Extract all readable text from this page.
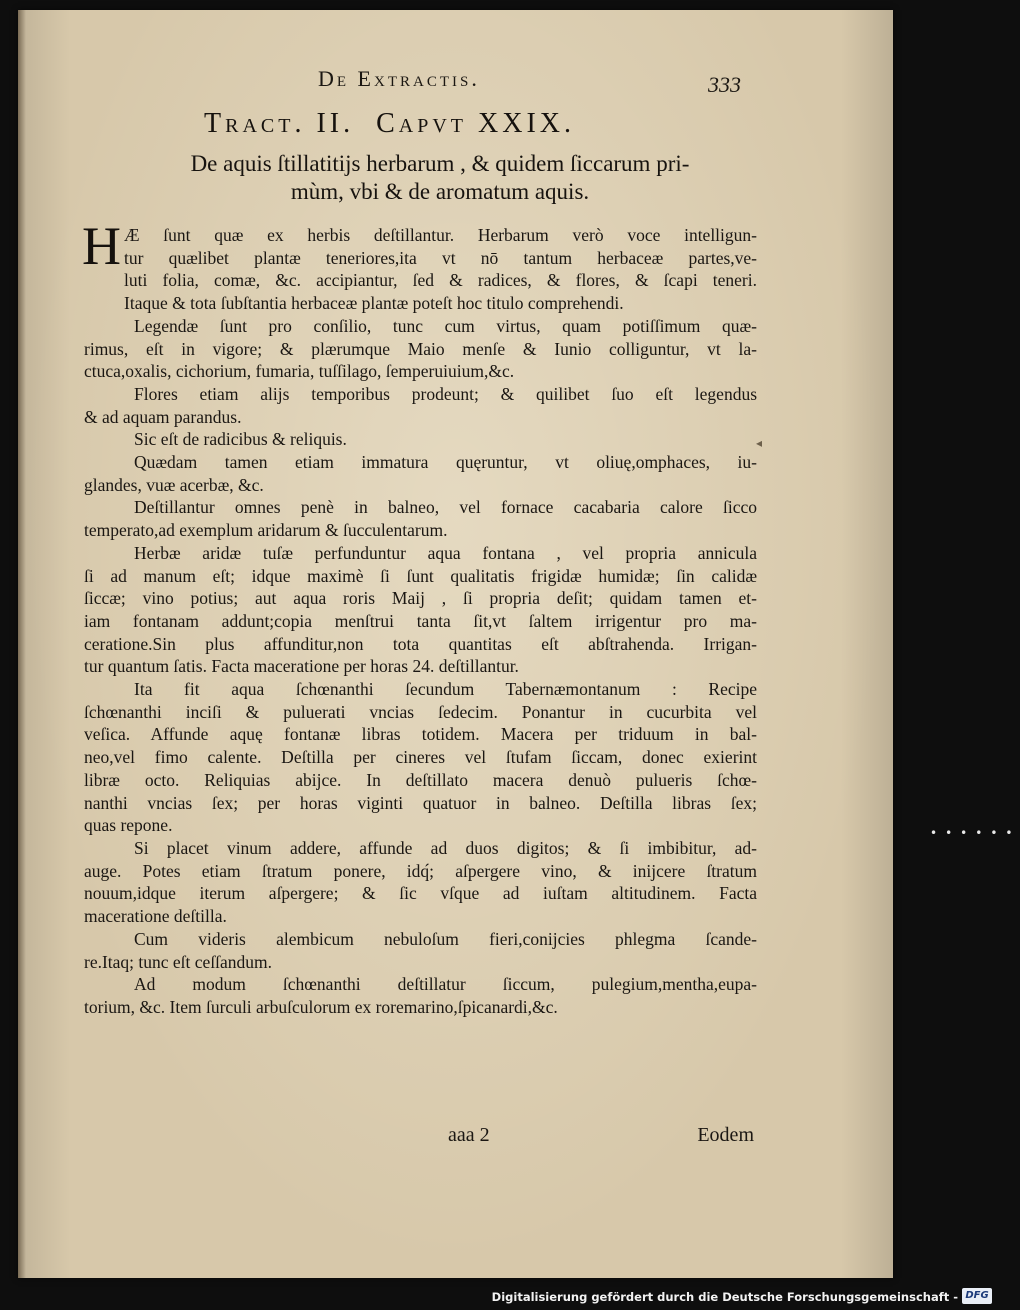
De Extractis.	333
Tract. II. Capvt XXIX.
De aquis ſtillatitijs herbarum , & quidem ſiccarum pri-
mùm, vbi & de aromatum aquis.
H Æ ſunt quæ ex herbis deſtillantur. Herbarum verò voce intelligun-
tur quælibet plantæ teneriores,ita vt nō tantum herbaceæ partes,ve-
luti folia, comæ, &c. accipiantur, ſed & radices, & flores, & ſcapi teneri.
Itaque & tota ſubſtantia herbaceæ plantæ poteſt hoc titulo comprehendi.
Legendæ ſunt pro conſilio, tunc cum virtus, quam potiſſimum quæ-
rimus, eſt in vigore; & plærumque Maio menſe & Iunio colliguntur, vt la-
ctuca,oxalis, cichorium, fumaria, tuſſilago, ſemperuiuium,&c.
Flores etiam alijs temporibus prodeunt; & quilibet ſuo eſt legendus
& ad aquam parandus.
Sic eſt de radicibus & reliquis.
Quædam tamen etiam immatura quęruntur, vt oliuę,omphaces, iu-
glandes, vuæ acerbæ, &c.
Deſtillantur omnes penè in balneo, vel fornace cacabaria calore ſicco
temperato,ad exemplum aridarum & ſucculentarum.
Herbæ aridæ tuſæ perfunduntur aqua fontana , vel propria annicula
ſi ad manum eſt; idque maximè ſi ſunt qualitatis frigidæ humidæ; ſin calidæ
ſiccæ; vino potius; aut aqua roris Maij , ſi propria deſit; quidam tamen et-
iam fontanam addunt;copia menſtrui tanta ſit,vt ſaltem irrigentur pro ma-
ceratione.Sin plus affunditur,non tota quantitas eſt abſtrahenda. Irrigan-
tur quantum ſatis. Facta maceratione per horas 24. deſtillantur.
Ita fit aqua ſchœnanthi ſecundum Tabernæmontanum : Recipe
ſchœnanthi inciſi & puluerati vncias ſedecim. Ponantur in cucurbita vel
veſica. Affunde aquę fontanæ libras totidem. Macera per triduum in bal-
neo,vel fimo calente. Deſtilla per cineres vel ſtufam ſiccam, donec exierint
libræ octo. Reliquias abijce. In deſtillato macera denuò pulueris ſchœ-
nanthi vncias ſex; per horas viginti quatuor in balneo. Deſtilla libras ſex;
quas repone.
Si placet vinum addere, affunde ad duos digitos; & ſi imbibitur, ad-
auge. Potes etiam ſtratum ponere, idq́; aſpergere vino, & inijcere ſtratum
nouum,idque iterum aſpergere; & ſic vſque ad iuſtam altitudinem. Facta
maceratione deſtilla.
Cum videris alembicum nebuloſum fieri,conijcies phlegma ſcande-
re.Itaq; tunc eſt ceſſandum.
Ad modum ſchœnanthi deſtillatur ſiccum, pulegium,mentha,eupa-
torium, &c. Item ſurculi arbuſculorum ex roremarino,ſpicanardi,&c.
◂
aaa 2	Eodem
••••••
Digitalisierung gefördert durch die Deutsche Forschungsgemeinschaft - DFG
